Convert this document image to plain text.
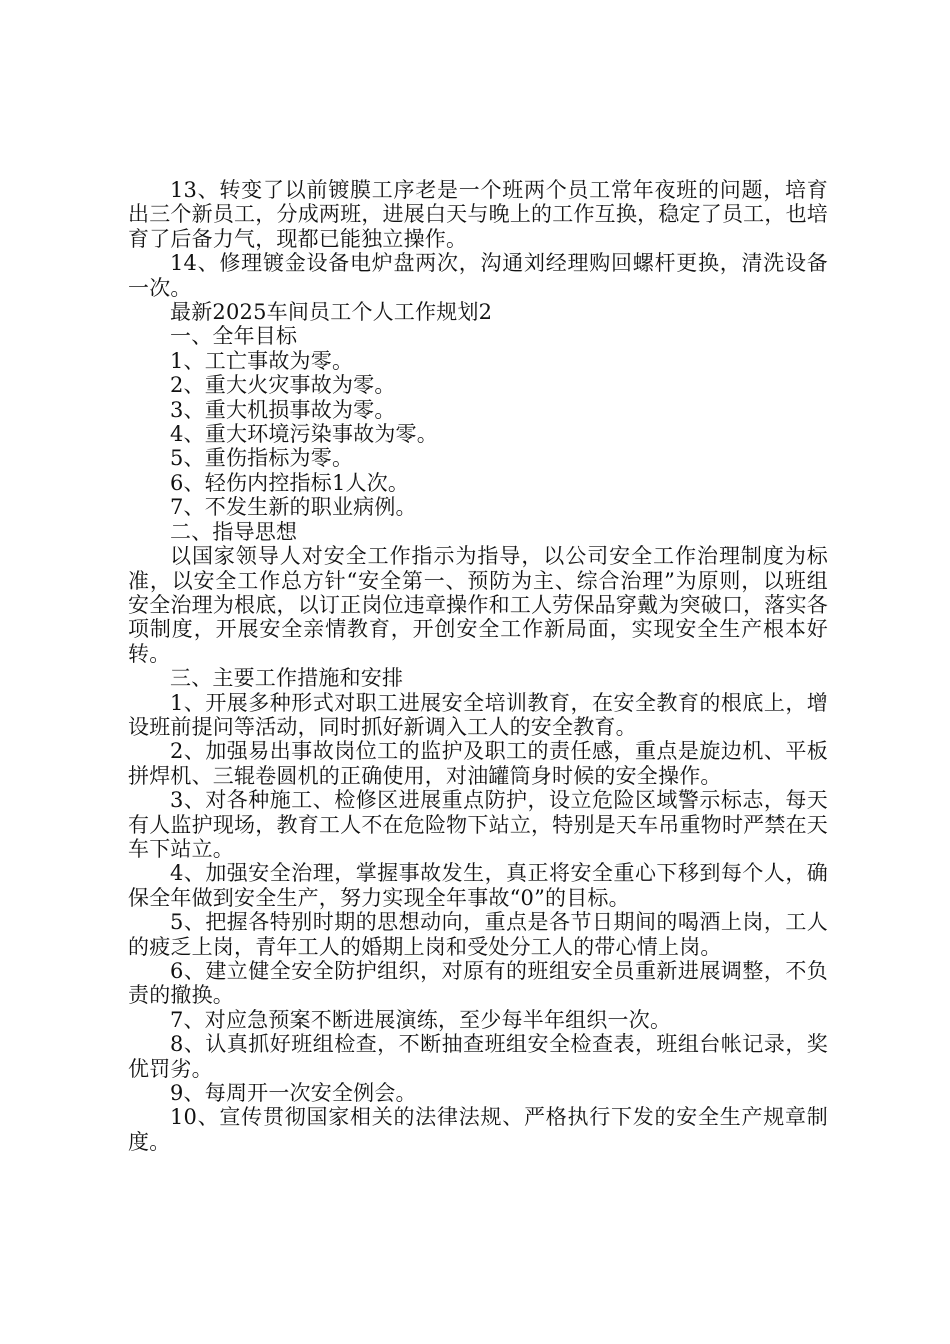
13、转变了以前镀膜工序老是一个班两个员工常年夜班的问题，培育出三个新员工，分成两班，进展白天与晚上的工作互换，稳定了员工，也培育了后备力气，现都已能独立操作。

14、修理镀金设备电炉盘两次，沟通刘经理购回螺杆更换，清洗设备一次。

最新2025车间员工个人工作规划2

一、全年目标

1、工亡事故为零。

2、重大火灾事故为零。

3、重大机损事故为零。

4、重大环境污染事故为零。

5、重伤指标为零。

6、轻伤内控指标1人次。

7、不发生新的职业病例。

二、指导思想

以国家领导人对安全工作指示为指导，以公司安全工作治理制度为标准，以安全工作总方针“安全第一、预防为主、综合治理”为原则，以班组安全治理为根底，以订正岗位违章操作和工人劳保品穿戴为突破口，落实各项制度，开展安全亲情教育，开创安全工作新局面，实现安全生产根本好转。

三、主要工作措施和安排

1、开展多种形式对职工进展安全培训教育，在安全教育的根底上，增设班前提问等活动，同时抓好新调入工人的安全教育。

2、加强易出事故岗位工的监护及职工的责任感，重点是旋边机、平板拼焊机、三辊卷圆机的正确使用，对油罐筒身时候的安全操作。

3、对各种施工、检修区进展重点防护，设立危险区域警示标志，每天有人监护现场，教育工人不在危险物下站立，特别是天车吊重物时严禁在天车下站立。

4、加强安全治理，掌握事故发生，真正将安全重心下移到每个人，确保全年做到安全生产，努力实现全年事故“0”的目标。

5、把握各特别时期的思想动向，重点是各节日期间的喝酒上岗，工人的疲乏上岗，青年工人的婚期上岗和受处分工人的带心情上岗。

6、建立健全安全防护组织，对原有的班组安全员重新进展调整，不负责的撤换。

7、对应急预案不断进展演练，至少每半年组织一次。

8、认真抓好班组检查，不断抽查班组安全检查表，班组台帐记录，奖优罚劣。

9、每周开一次安全例会。

10、宣传贯彻国家相关的法律法规、严格执行下发的安全生产规章制度。
